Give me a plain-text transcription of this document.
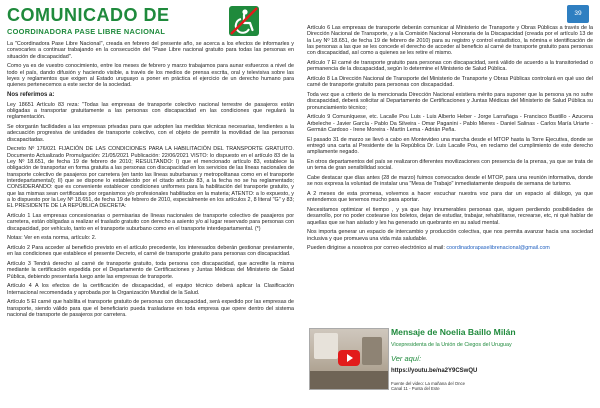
COMUNICADO DE
COORDINADORA PASE LIBRE NACIONAL
39

La "Coordinadora Pase Libre Nacional", creada en febrero del presente año, se acerca a los efectos de informarles y convocarles a continuar trabajando en la consecución del "Pase Libre nacional gratuito para todas las personas en situación de discapacidad".

Como ya es de vuestro conocimiento, entre los meses de febrero y marzo trabajamos para aunar esfuerzos a nivel de todo el país, dando difusión y haciendo visible, a través de los medios de prensa escrita, oral y televisiva sobre las leyes y reglamentos que exigen al Estado uruguayo a poner en práctica el ejercicio de un derecho humano para quienes pertenecemos a este sector de la sociedad.

Nos referimos a:

Ley 18651 Artículo 83 reza: "Todas las empresas de transporte colectivo nacional terrestre de pasajeros están obligadas a transportar gratuitamente a las personas con discapacidad en las condiciones que regulará la reglamentación.

Se otorgarán facilidades a las empresas privadas para que adopten las medidas técnicas necesarias, tendientes a la adecuación progresiva de unidades de transporte colectivo, con el objeto de permitir la movilidad de las personas discapacitadas.

Decreto Nº 176/021 FIJACIÓN DE LAS CONDICIONES PARA LA HABILITACIÓN DEL TRANSPORTE GRATUITO. Documento Actualizado Promulgación: 21/05/2021 Publicación: 22/06/2021 VISTO: lo dispuesto en el artículo 83 de la Ley Nº 18.651, de fecha 19 de febrero de 2010; RESULTANDO: I) que el mencionado artículo 83, establece la obligación de transportar en forma gratuita a las personas con discapacidad en los servicios de las líneas nacionales de transporte colectivo de pasajeros por carretera (en tanto las líneas suburbanas y metropolitanas como en el transporte interdepartamental); II) que se dispone lo establecido por el citado artículo 83, a la fecha no se ha reglamentado; CONSIDERANDO: que es conveniente establecer condiciones uniformes para la habilitación del transporte gratuito, y que las mismas sean certificadas por organismos y/o profesionales habilitados en la materia; ATENTO: a lo expuesto, y a lo dispuesto por la Ley Nº 18.651, de fecha 19 de febrero de 2010, especialmente en los artículos 2, 8 literal "G" y 83; EL PRESIDENTE DE LA REPÚBLICA DECRETA:

Artículo 1 Las empresas concesionarias o permisarias de líneas nacionales de transporte colectivo de pasajeros por carretera, están obligadas a realizar el traslado gratuito con derecho a asiento y/o al lugar reservado para personas con discapacidad, por vehículo, tanto en el transporte suburbano como en el transporte interdepartamental. (*)

Notas: Ver en esta norma, artículo: 2.

Artículo 2 Para acceder al beneficio previsto en el artículo precedente, los interesados deberán gestionar previamente, en las condiciones que establece el presente Decreto, el carné de transporte gratuito para personas con discapacidad.

Artículo 3 Tendrá derecho al carné de transporte gratuito, toda persona con discapacidad, que acredite la misma mediante la certificación expedida por el Departamento de Certificaciones y Juntas Médicas del Ministerio de Salud Pública, debiendo presentarla luego ante las empresas de transporte.

Artículo 4 A los efectos de la certificación de discapacidad, el equipo técnico deberá aplicar la Clasificación Internacional recomendada y aprobada por la Organización Mundial de la Salud.

Artículo 5 El carné que habilita el transporte gratuito de personas con discapacidad, será expedido por las empresas de transporte, siendo válido para que el beneficiario pueda trasladarse en toda empresa que opere dentro del sistema nacional de transporte de pasajeros por carretera.

Artículo 6 Las empresas de transporte deberán comunicar al Ministerio de Transporte y Obras Públicas a través de la Dirección Nacional de Transporte, y a la Comisión Nacional Honoraria de la Discapacidad (creada por el artículo 13 de la Ley Nº 18.651, de fecha 19 de febrero de 2010) para su registro y control estadístico, la nómina e identificación de las personas a las que se les concede el derecho de acceder al beneficio al carné de transporte gratuito para personas con discapacidad, así como a quienes se les retire el mismo.

Artículo 7 El carné de transporte gratuito para personas con discapacidad, será válido de acuerdo a la transitoriedad o permanencia de la discapacidad, según lo determine el Ministerio de Salud Pública.

Artículo 8 La Dirección Nacional de Transporte del Ministerio de Transporte y Obras Públicas controlará en qué uso del carné de transporte gratuito para personas con discapacidad.

Toda vez que a criterio de la mencionada Dirección Nacional existiera mérito para suponer que la persona ya no sufre discapacidad, deberá solicitar al Departamento de Certificaciones y Juntas Médicas del Ministerio de Salud Pública su pronunciamiento técnico;

Artículo 9 Comuníquese, etc. Lacalle Pou Luis - Luis Alberto Heber - Jorge Larrañaga - Francisco Bustillo - Azucena Arbeleche - Javier García - Pablo Da Silveira - Omar Paganini - Pablo Mieres - Daniel Salinas - Carlos María Uriarte - Germán Cardoso - Irene Moreira - Martín Lema - Adrián Peña.

El pasado 31 de marzo se llevó a cabo en Montevideo una marcha desde el MTOP hasta la Torre Ejecutiva, donde se entregó una carta al Presidente de la República Dr. Luis Lacalle Pou, en reclamo del cumplimiento de este derecho ampliamente negado.

En otros departamentos del país se realizaron diferentes movilizaciones con presencia de la prensa, ya que se trata de un tema de gran sensibilidad social.

Cabe destacar que días antes (28 de marzo) fuimos convocados desde el MTOP, para una reunión informativa, donde se nos expresa la voluntad de instalar una "Mesa de Trabajo" inmediatamente después de semana de turismo.

A 2 meses de esta promesa, volvemos a hacer escuchar nuestra voz para dar un espacio al diálogo, ya que entendemos que tenemos mucho para aportar.

Necesitamos optimizar el tiempo , y ya que hay innumerables personas que, siguen perdiendo posibilidades de desarrollo, por no poder costearse los boletos, dejan de estudiar, trabajar, rehabilitarse, recrearse, etc, ni qué hablar de aquellas que se han aislado y les ha generado un quebranto en su salud mental.

Nos importa generar un espacio de intercambio y producción colectiva, que nos permita avanzar hacia una sociedad inclusiva y que promueva una vida más saludable.

Pueden dirigirse a nosotros por correo electrónico al mail: coordinadorapaselibrenacional@gmail.com

Mensaje de Noelia Baillo Milán
Vicepresidenta de la Unión de Ciegos del Uruguay
Ver aquí:
https://youtu.be/na2Y9CSwQU
Fuente del video: La mañana del Once
Canal 11 - Punta del Este
